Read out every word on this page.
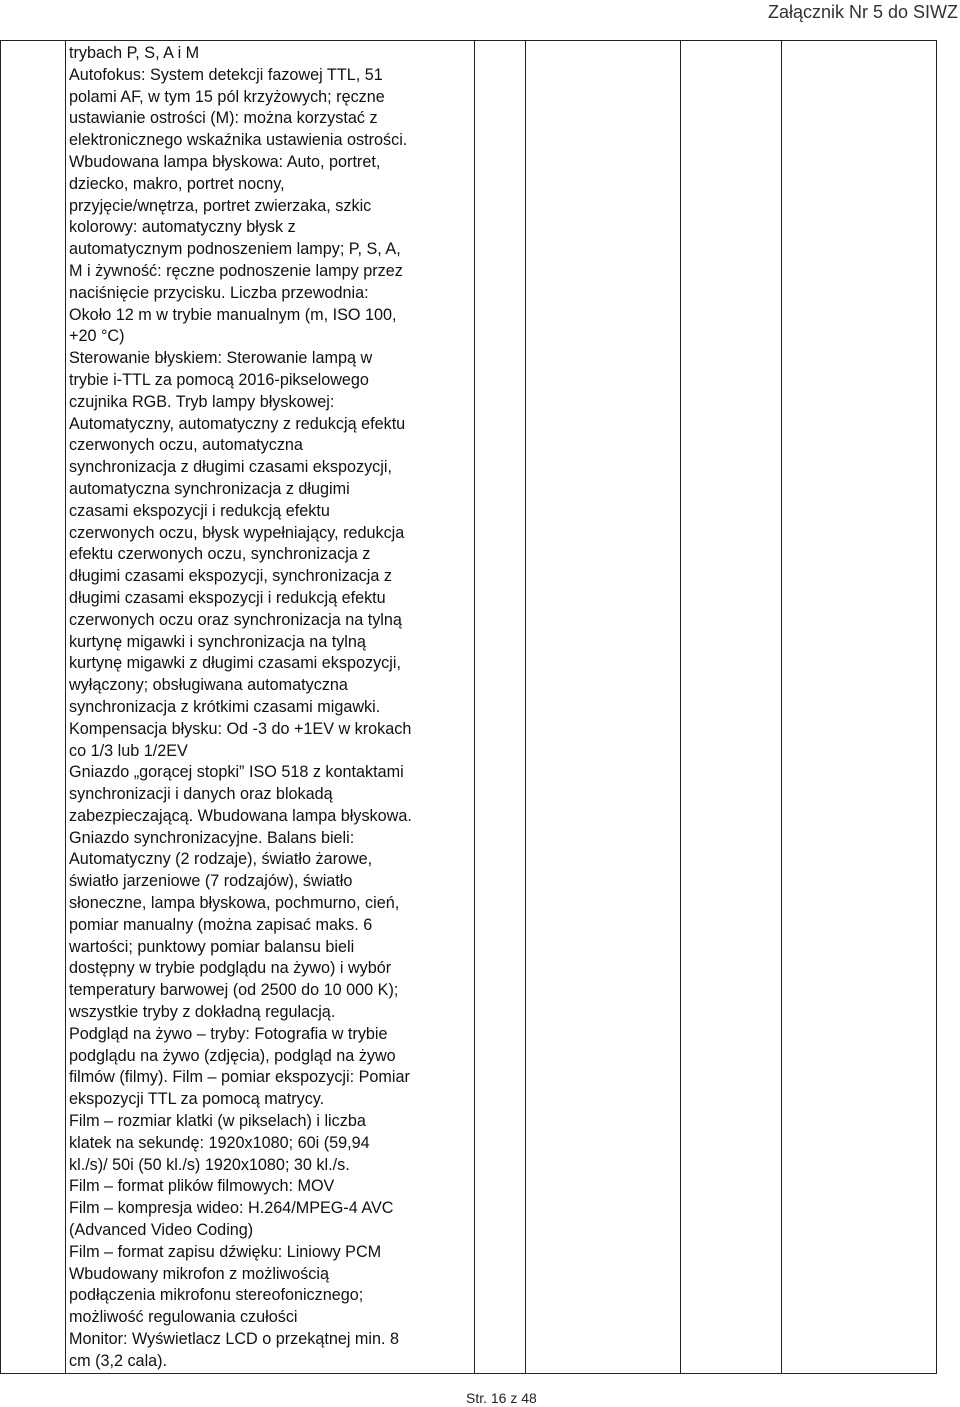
Załącznik Nr 5 do SIWZ

trybach P, S, A i M
Autofokus: System detekcji fazowej TTL, 51
polami AF, w tym 15 pól krzyżowych; ręczne
ustawianie ostrości (M): można korzystać z
elektronicznego wskaźnika ustawienia ostrości.
Wbudowana lampa błyskowa: Auto, portret,
dziecko, makro, portret nocny,
przyjęcie/wnętrza, portret zwierzaka, szkic
kolorowy: automatyczny błysk z
automatycznym podnoszeniem lampy; P, S, A,
M i żywność: ręczne podnoszenie lampy przez
naciśnięcie przycisku. Liczba przewodnia:
Około 12 m w trybie manualnym (m, ISO 100,
+20 °C)
Sterowanie błyskiem: Sterowanie lampą w
trybie i-TTL za pomocą 2016-pikselowego
czujnika RGB. Tryb lampy błyskowej:
Automatyczny, automatyczny z redukcją efektu
czerwonych oczu, automatyczna
synchronizacja z długimi czasami ekspozycji,
automatyczna synchronizacja z długimi
czasami ekspozycji i redukcją efektu
czerwonych oczu, błysk wypełniający, redukcja
efektu czerwonych oczu, synchronizacja z
długimi czasami ekspozycji, synchronizacja z
długimi czasami ekspozycji i redukcją efektu
czerwonych oczu oraz synchronizacja na tylną
kurtynę migawki i synchronizacja na tylną
kurtynę migawki z długimi czasami ekspozycji,
wyłączony; obsługiwana automatyczna
synchronizacja z krótkimi czasami migawki.
Kompensacja błysku: Od -3 do +1EV w krokach
co 1/3 lub 1/2EV
Gniazdo „gorącej stopki” ISO 518 z kontaktami
synchronizacji i danych oraz blokadą
zabezpieczającą. Wbudowana lampa błyskowa.
Gniazdo synchronizacyjne. Balans bieli:
Automatyczny (2 rodzaje), światło żarowe,
światło jarzeniowe (7 rodzajów), światło
słoneczne, lampa błyskowa, pochmurno, cień,
pomiar manualny (można zapisać maks. 6
wartości; punktowy pomiar balansu bieli
dostępny w trybie podglądu na żywo) i wybór
temperatury barwowej (od 2500 do 10 000 K);
wszystkie tryby z dokładną regulacją.
Podgląd na żywo – tryby: Fotografia w trybie
podglądu na żywo (zdjęcia), podgląd na żywo
filmów (filmy). Film – pomiar ekspozycji: Pomiar
ekspozycji TTL za pomocą matrycy.
Film – rozmiar klatki (w pikselach) i liczba
klatek na sekundę: 1920x1080; 60i (59,94
kl./s)/ 50i (50 kl./s) 1920x1080; 30 kl./s.
Film – format plików filmowych: MOV
Film – kompresja wideo: H.264/MPEG-4 AVC
(Advanced Video Coding)
Film – format zapisu dźwięku: Liniowy PCM
Wbudowany mikrofon z możliwością
podłączenia mikrofonu stereofonicznego;
możliwość regulowania czułości
Monitor: Wyświetlacz LCD o przekątnej min. 8
cm (3,2 cala).

Str. 16 z 48
